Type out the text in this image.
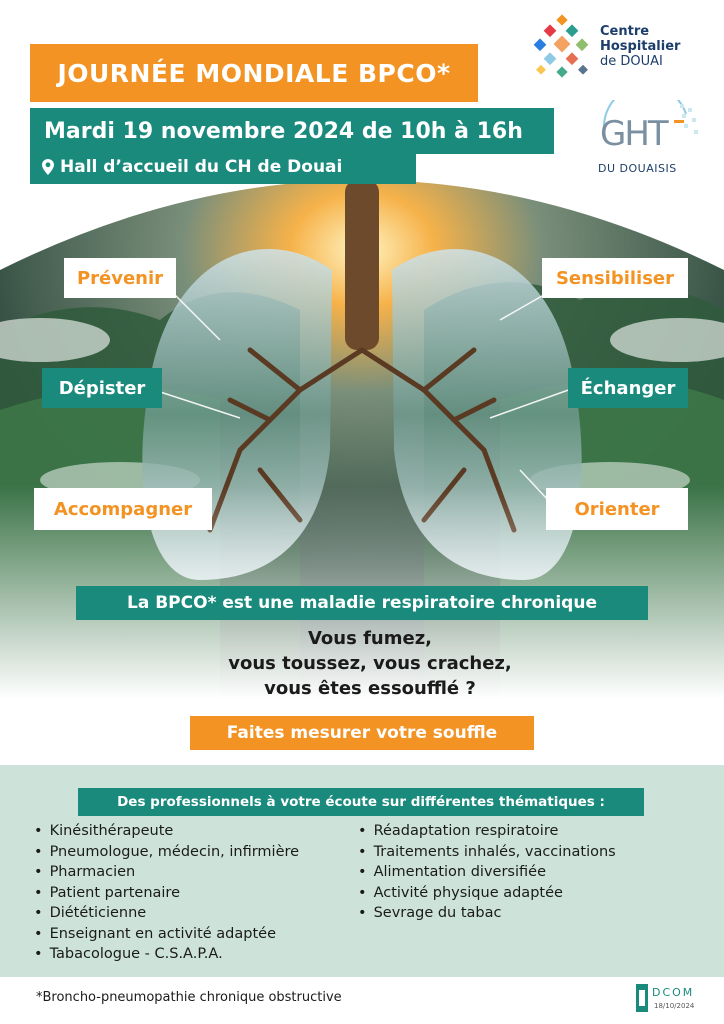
JOURNÉE MONDIALE BPCO*
Mardi 19 novembre 2024 de 10h à 16h
Hall d’accueil du CH de Douai
Centre
Hospitalier
de DOUAI
GHT
DU DOUAISIS
Prévenir	Sensibiliser
Dépister	Échanger
Accompagner	Orienter
La BPCO* est une maladie respiratoire chronique
Vous fumez,
vous toussez, vous crachez,
vous êtes essoufflé ?
Faites mesurer votre souffle
Des professionnels à votre écoute sur différentes thématiques :
• Kinésithérapeute
• Pneumologue, médecin, infirmière
• Pharmacien
• Patient partenaire
• Diététicienne
• Enseignant en activité adaptée
• Tabacologue - C.S.A.P.A.
• Réadaptation respiratoire
• Traitements inhalés, vaccinations
• Alimentation diversifiée
• Activité physique adaptée
• Sevrage du tabac
*Broncho-pneumopathie chronique obstructive	DCOM
18/10/2024
